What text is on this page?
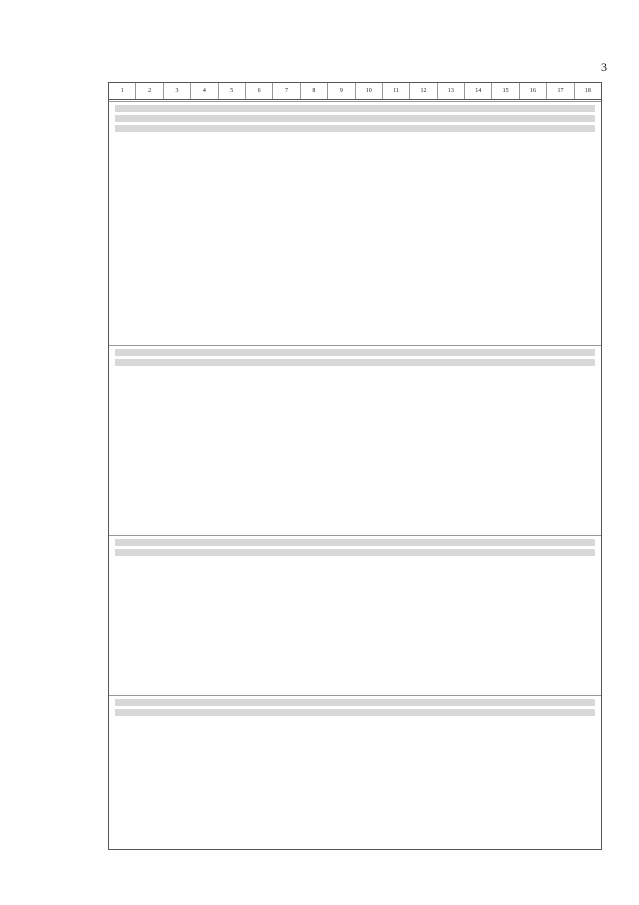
3
1	2	3	4	5	6	7	8	9	10	11	12	13	14	15	16	17	18
